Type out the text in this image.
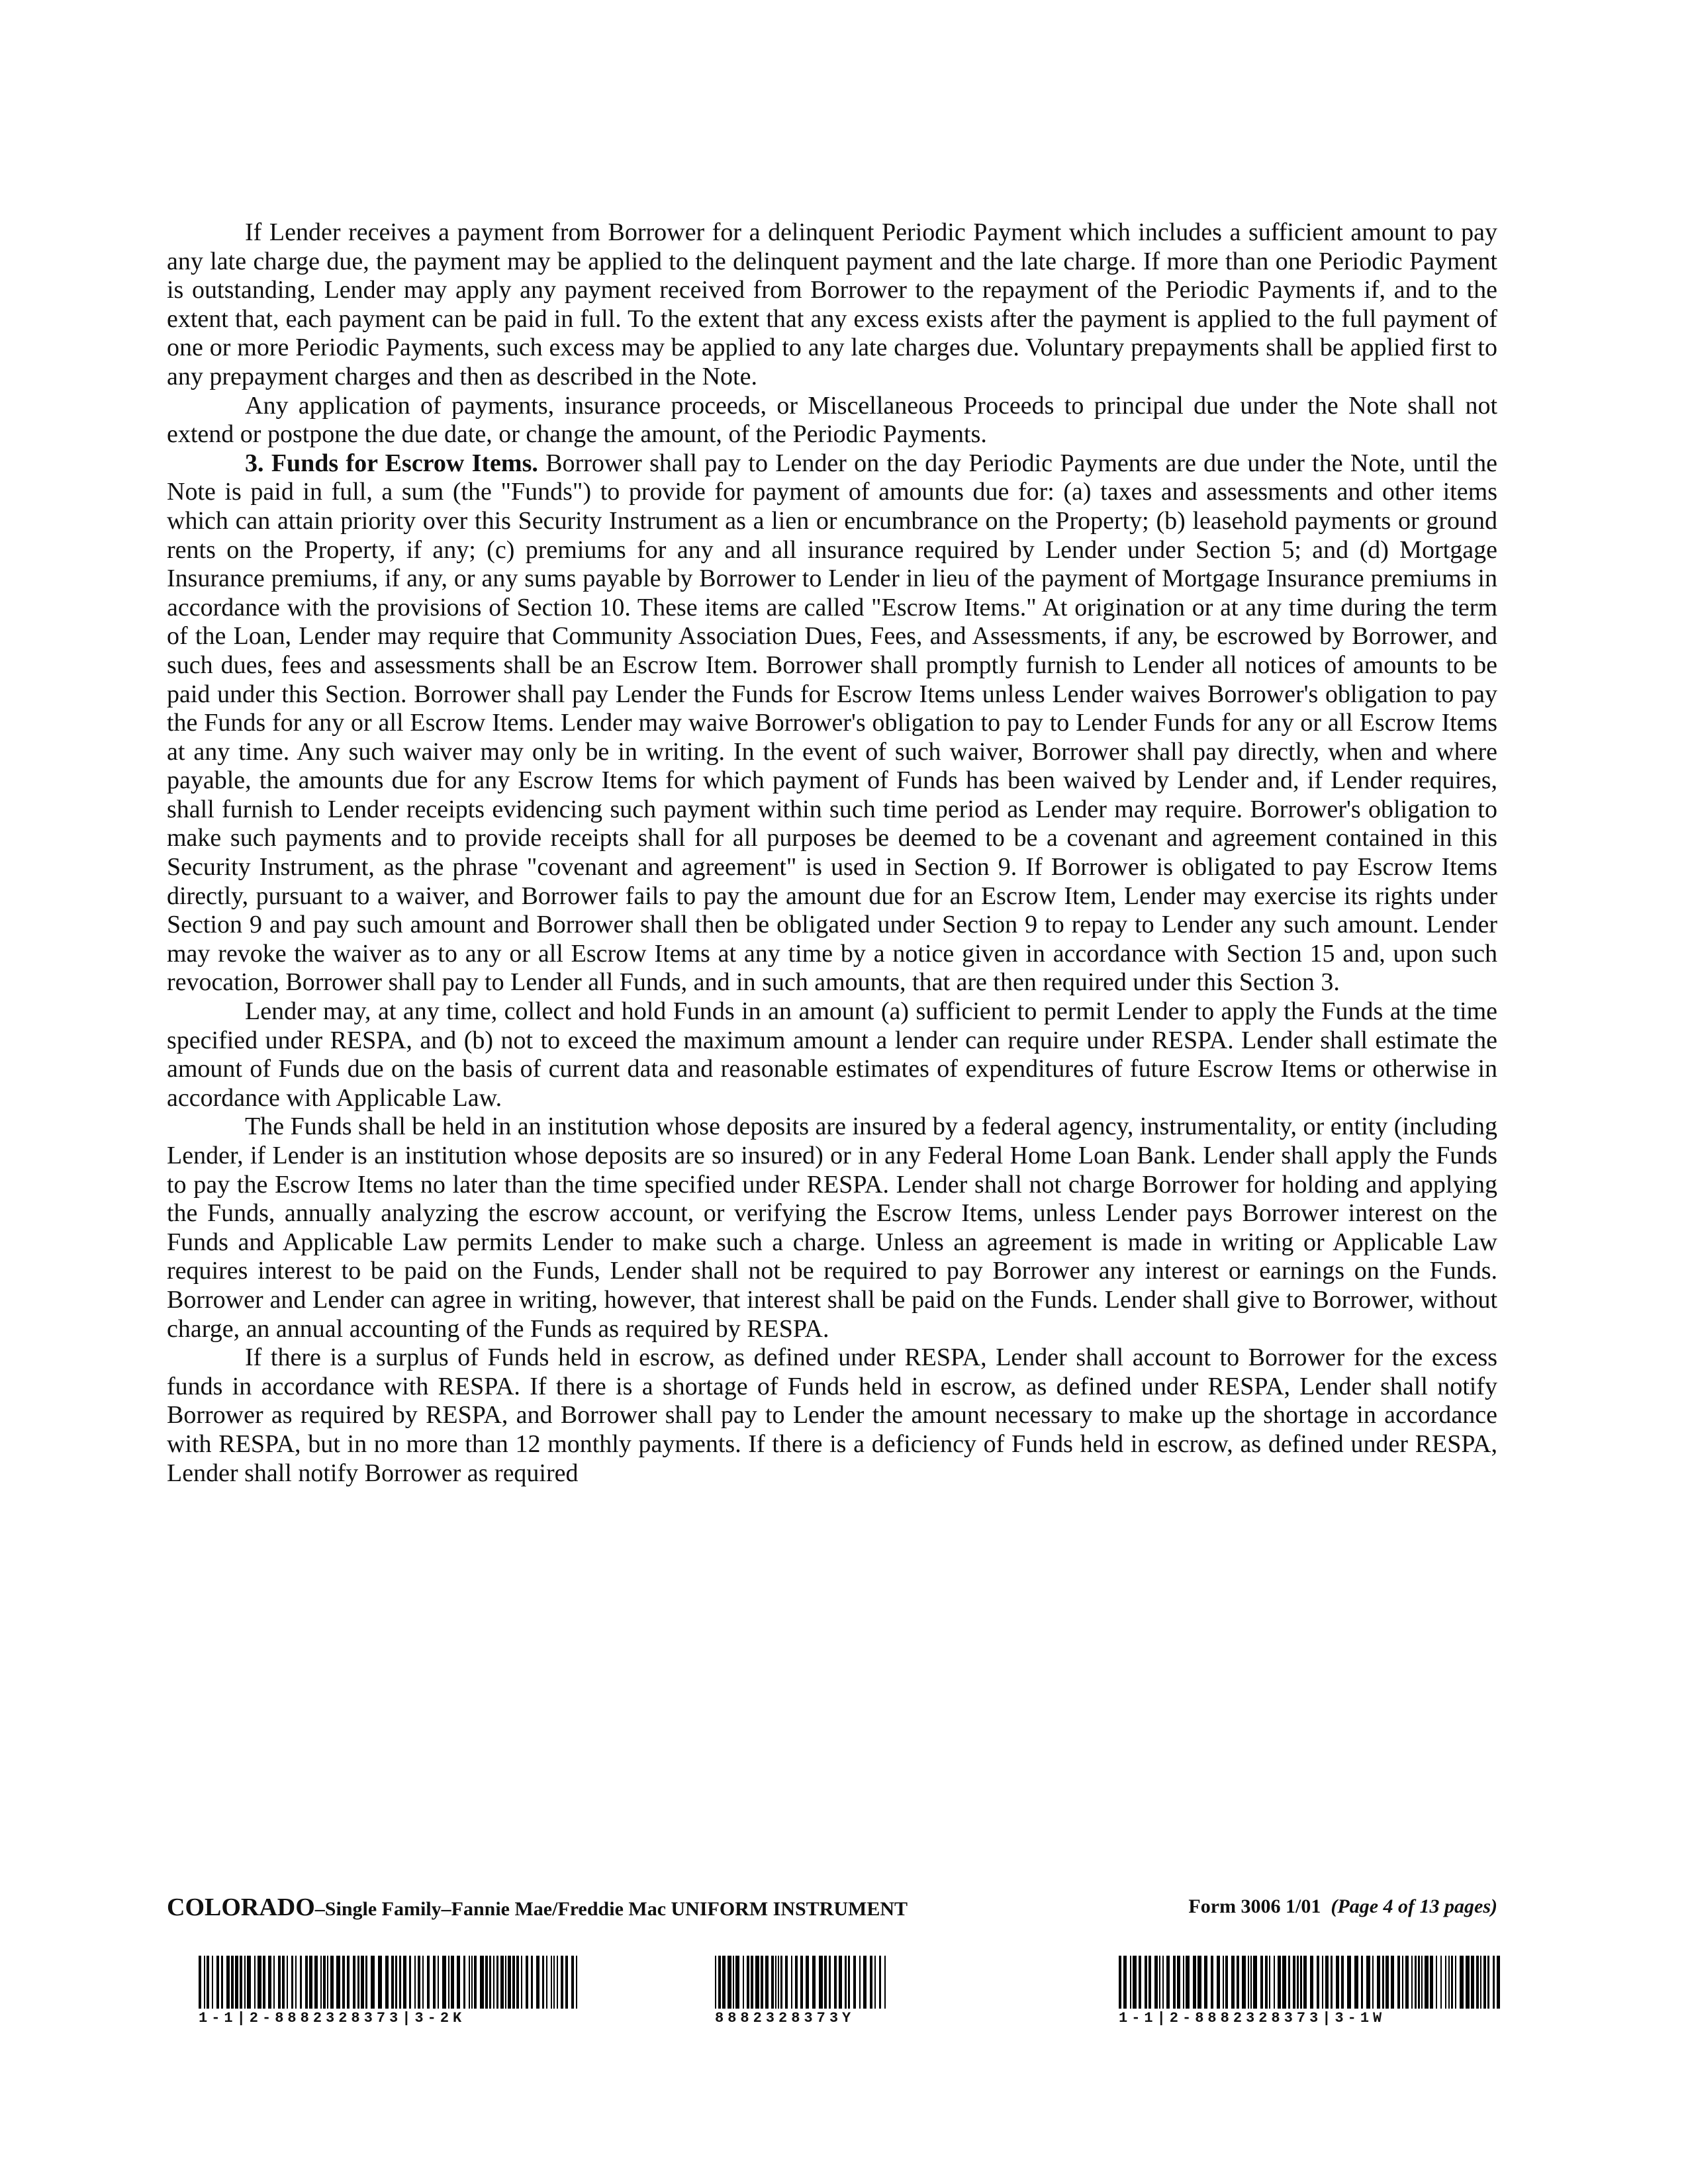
If Lender receives a payment from Borrower for a delinquent Periodic Payment which includes a sufficient amount to pay any late charge due, the payment may be applied to the delinquent payment and the late charge. If more than one Periodic Payment is outstanding, Lender may apply any payment received from Borrower to the repayment of the Periodic Payments if, and to the extent that, each payment can be paid in full. To the extent that any excess exists after the payment is applied to the full payment of one or more Periodic Payments, such excess may be applied to any late charges due. Voluntary prepayments shall be applied first to any prepayment charges and then as described in the Note.

Any application of payments, insurance proceeds, or Miscellaneous Proceeds to principal due under the Note shall not extend or postpone the due date, or change the amount, of the Periodic Payments.

3. Funds for Escrow Items. Borrower shall pay to Lender on the day Periodic Payments are due under the Note, until the Note is paid in full, a sum (the "Funds") to provide for payment of amounts due for: (a) taxes and assessments and other items which can attain priority over this Security Instrument as a lien or encumbrance on the Property; (b) leasehold payments or ground rents on the Property, if any; (c) premiums for any and all insurance required by Lender under Section 5; and (d) Mortgage Insurance premiums, if any, or any sums payable by Borrower to Lender in lieu of the payment of Mortgage Insurance premiums in accordance with the provisions of Section 10. These items are called "Escrow Items." At origination or at any time during the term of the Loan, Lender may require that Community Association Dues, Fees, and Assessments, if any, be escrowed by Borrower, and such dues, fees and assessments shall be an Escrow Item. Borrower shall promptly furnish to Lender all notices of amounts to be paid under this Section. Borrower shall pay Lender the Funds for Escrow Items unless Lender waives Borrower's obligation to pay the Funds for any or all Escrow Items. Lender may waive Borrower's obligation to pay to Lender Funds for any or all Escrow Items at any time. Any such waiver may only be in writing. In the event of such waiver, Borrower shall pay directly, when and where payable, the amounts due for any Escrow Items for which payment of Funds has been waived by Lender and, if Lender requires, shall furnish to Lender receipts evidencing such payment within such time period as Lender may require. Borrower's obligation to make such payments and to provide receipts shall for all purposes be deemed to be a covenant and agreement contained in this Security Instrument, as the phrase "covenant and agreement" is used in Section 9. If Borrower is obligated to pay Escrow Items directly, pursuant to a waiver, and Borrower fails to pay the amount due for an Escrow Item, Lender may exercise its rights under Section 9 and pay such amount and Borrower shall then be obligated under Section 9 to repay to Lender any such amount. Lender may revoke the waiver as to any or all Escrow Items at any time by a notice given in accordance with Section 15 and, upon such revocation, Borrower shall pay to Lender all Funds, and in such amounts, that are then required under this Section 3.

Lender may, at any time, collect and hold Funds in an amount (a) sufficient to permit Lender to apply the Funds at the time specified under RESPA, and (b) not to exceed the maximum amount a lender can require under RESPA. Lender shall estimate the amount of Funds due on the basis of current data and reasonable estimates of expenditures of future Escrow Items or otherwise in accordance with Applicable Law.

The Funds shall be held in an institution whose deposits are insured by a federal agency, instrumentality, or entity (including Lender, if Lender is an institution whose deposits are so insured) or in any Federal Home Loan Bank. Lender shall apply the Funds to pay the Escrow Items no later than the time specified under RESPA. Lender shall not charge Borrower for holding and applying the Funds, annually analyzing the escrow account, or verifying the Escrow Items, unless Lender pays Borrower interest on the Funds and Applicable Law permits Lender to make such a charge. Unless an agreement is made in writing or Applicable Law requires interest to be paid on the Funds, Lender shall not be required to pay Borrower any interest or earnings on the Funds. Borrower and Lender can agree in writing, however, that interest shall be paid on the Funds. Lender shall give to Borrower, without charge, an annual accounting of the Funds as required by RESPA.

If there is a surplus of Funds held in escrow, as defined under RESPA, Lender shall account to Borrower for the excess funds in accordance with RESPA. If there is a shortage of Funds held in escrow, as defined under RESPA, Lender shall notify Borrower as required by RESPA, and Borrower shall pay to Lender the amount necessary to make up the shortage in accordance with RESPA, but in no more than 12 monthly payments. If there is a deficiency of Funds held in escrow, as defined under RESPA, Lender shall notify Borrower as required

COLORADO–Single Family–Fannie Mae/Freddie Mac UNIFORM INSTRUMENT	Form 3006 1/01 (Page 4 of 13 pages)
1-1|2-8882328373|3-2K	8882328373Y	1-1|2-8882328373|3-1W
